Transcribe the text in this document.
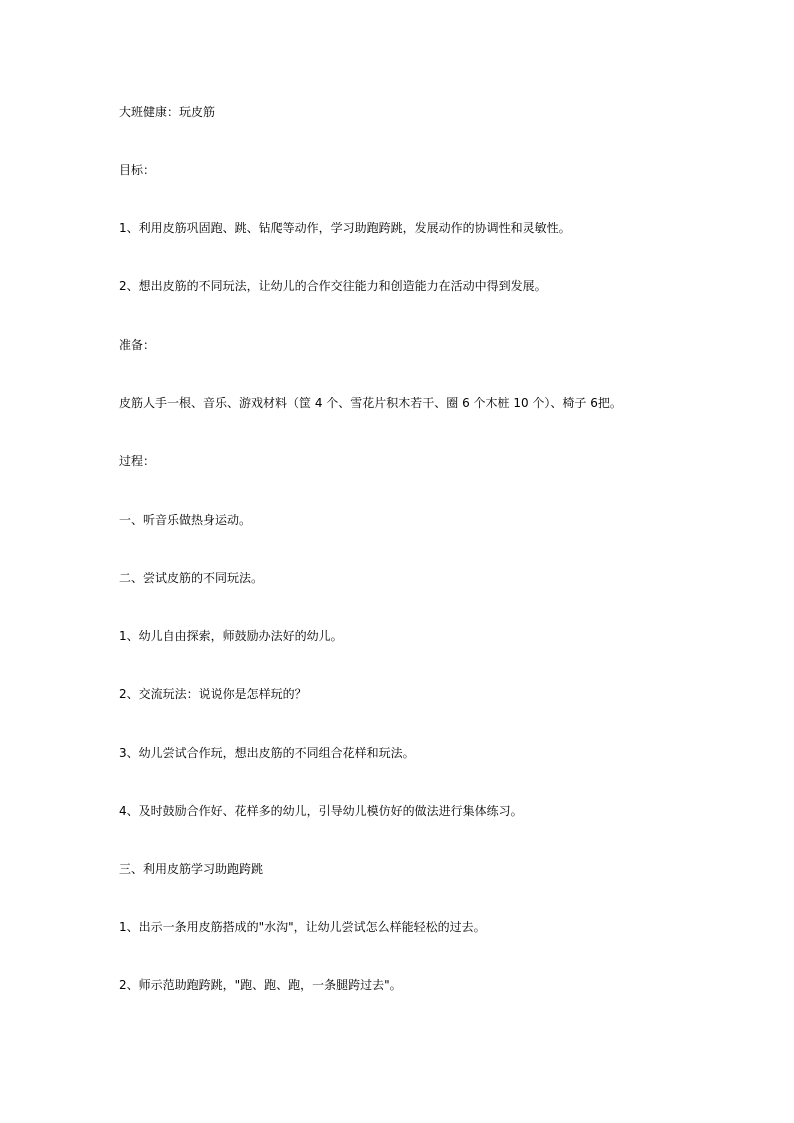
大班健康：玩皮筋

目标：

1、利用皮筋巩固跑、跳、钻爬等动作，学习助跑跨跳，发展动作的协调性和灵敏性。

2、想出皮筋的不同玩法，让幼儿的合作交往能力和创造能力在活动中得到发展。

准备：

皮筋人手一根、音乐、游戏材料（筐 4 个、雪花片积木若干、圈 6 个木桩 10 个）、椅子 6把。

过程：

一、听音乐做热身运动。

二、尝试皮筋的不同玩法。

1、幼儿自由探索，师鼓励办法好的幼儿。

2、交流玩法：说说你是怎样玩的？

3、幼儿尝试合作玩，想出皮筋的不同组合花样和玩法。

4、及时鼓励合作好、花样多的幼儿，引导幼儿模仿好的做法进行集体练习。

三、利用皮筋学习助跑跨跳

1、出示一条用皮筋搭成的"水沟"，让幼儿尝试怎么样能轻松的过去。

2、师示范助跑跨跳，"跑、跑、跑，一条腿跨过去"。
